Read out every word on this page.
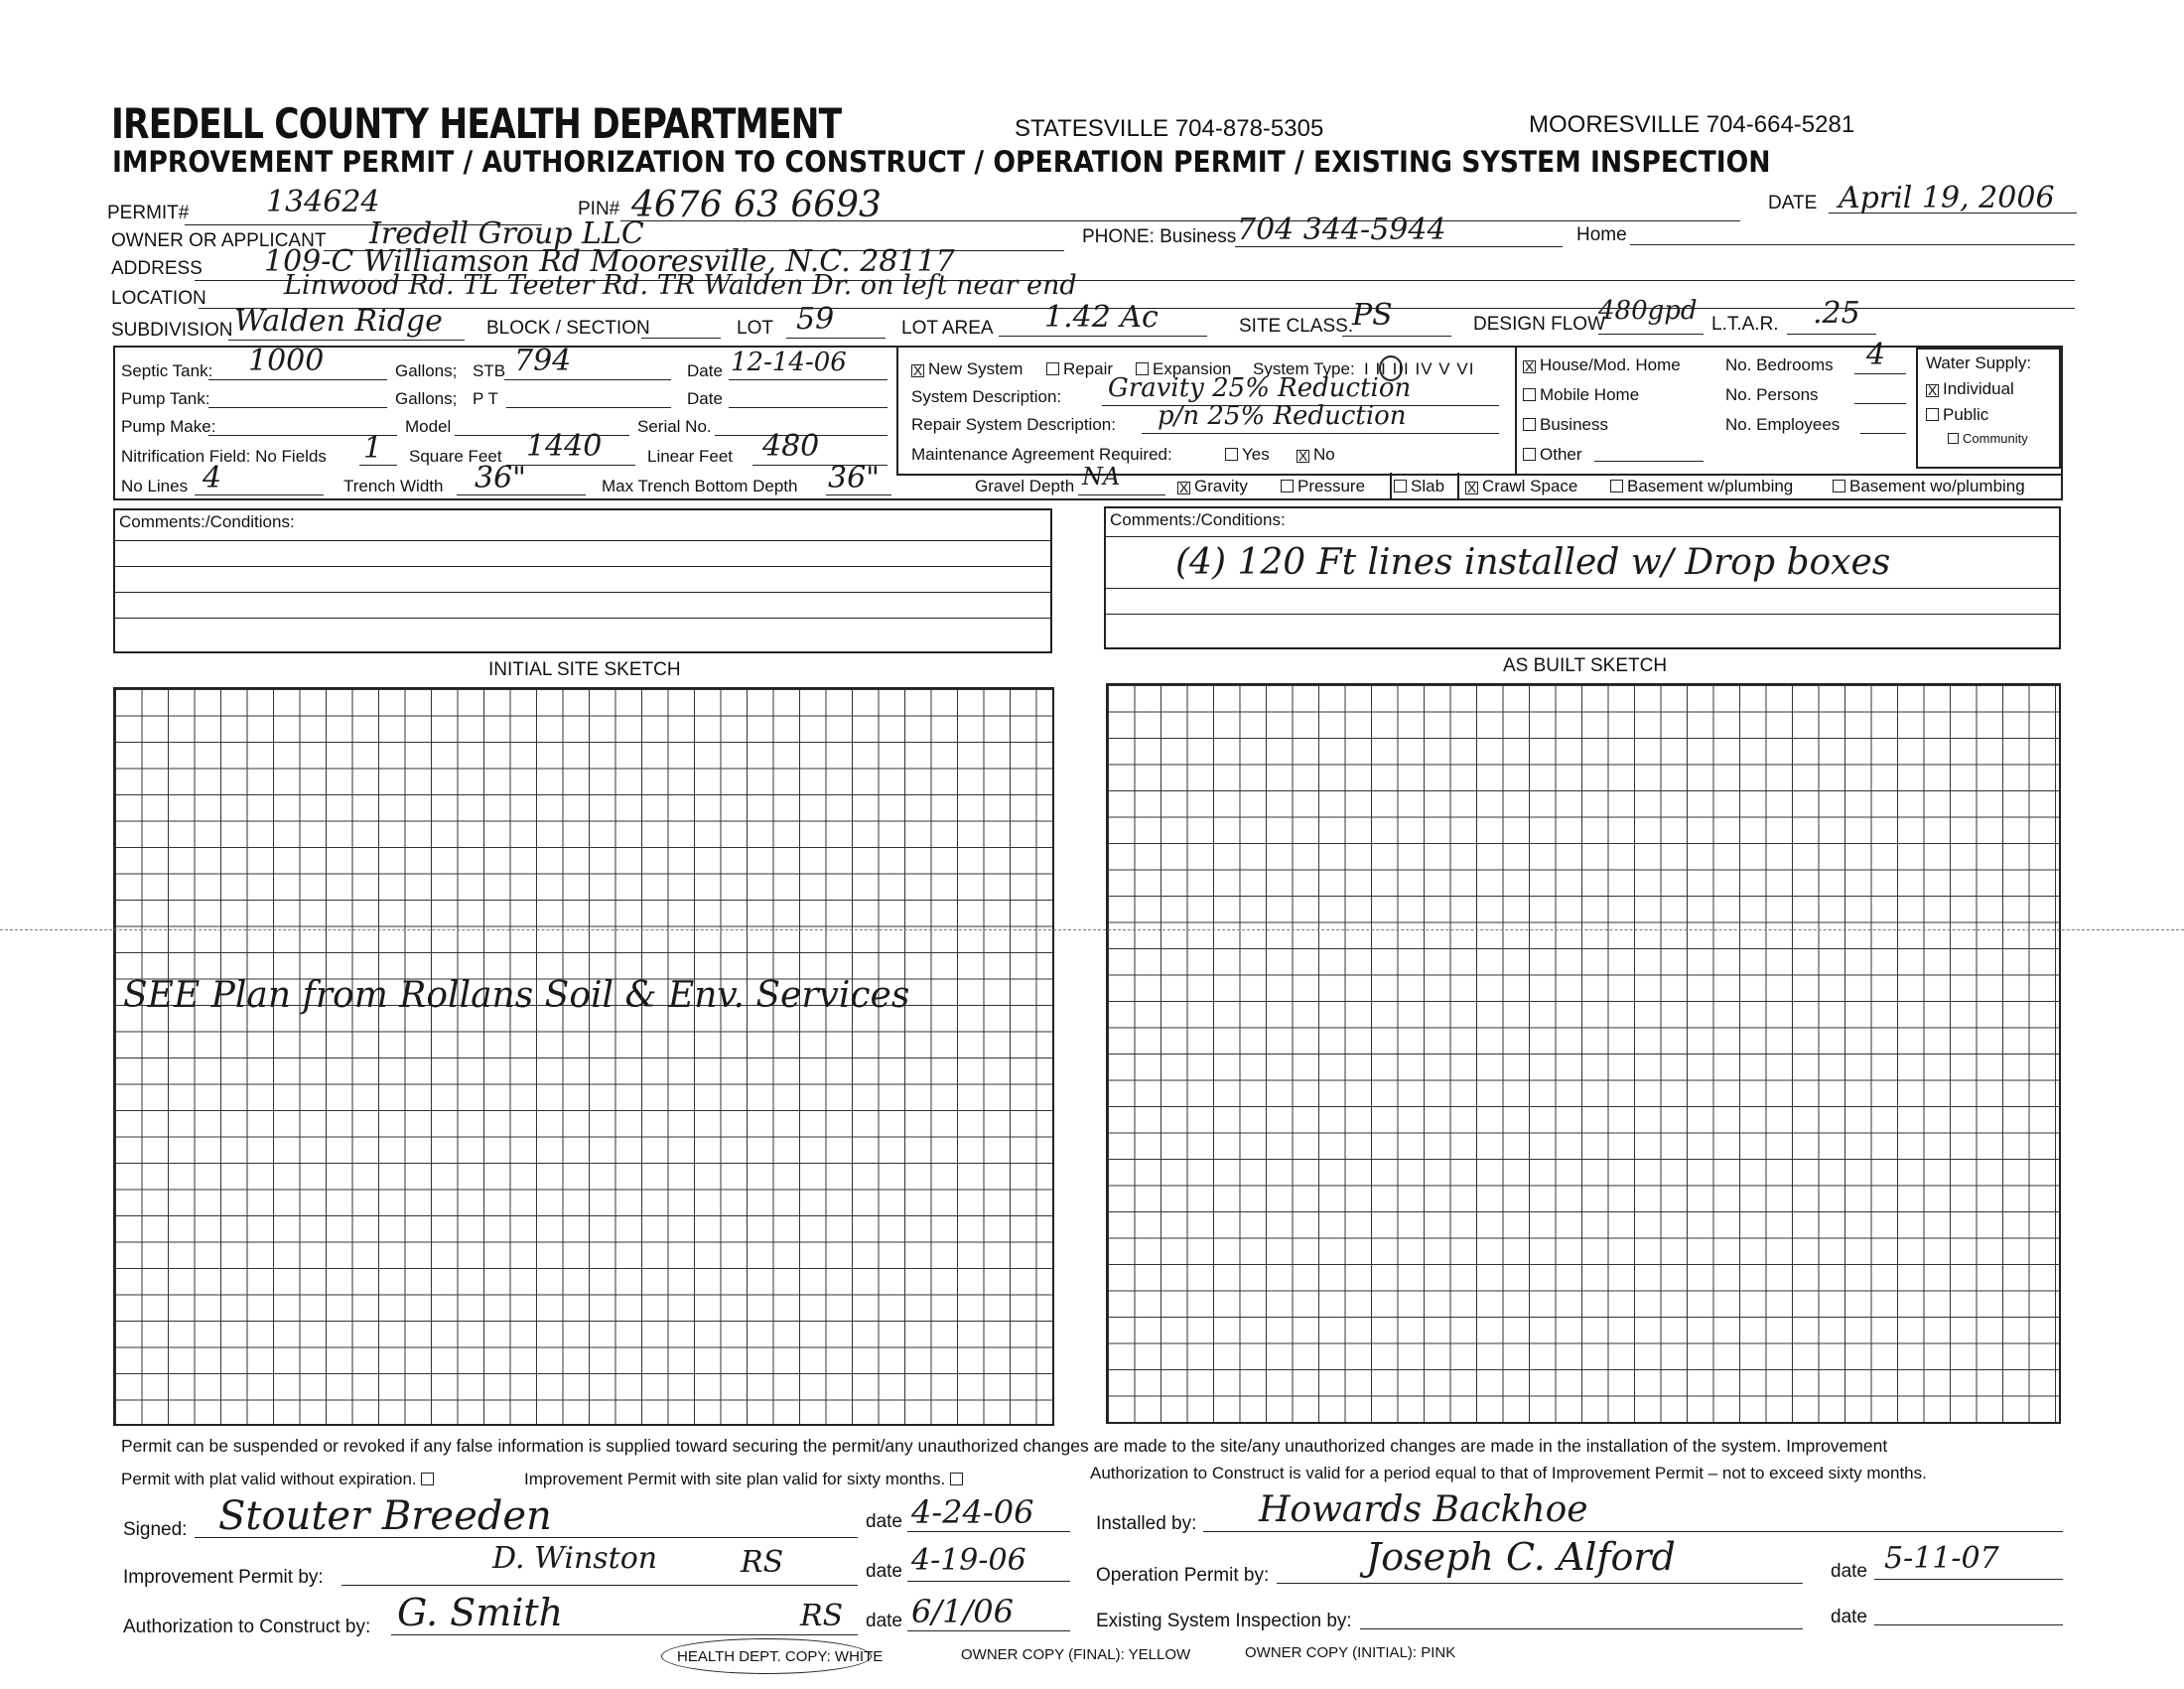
IREDELL COUNTY HEALTH DEPARTMENT	STATESVILLE 704-878-5305	MOORESVILLE 704-664-5281
IMPROVEMENT PERMIT / AUTHORIZATION TO CONSTRUCT / OPERATION PERMIT / EXISTING SYSTEM INSPECTION
PERMIT#	134624	PIN# 4676 63 6693	DATE April 19, 2006
OWNER OR APPLICANT Iredell Group LLC	PHONE: Business 704 344-5944	Home
ADDRESS 109-C Williamson Rd Mooresville, N.C. 28117
LOCATION	Linwood Rd. TL Teeter Rd. TR Walden Dr. on left near end
SUBDIVISION Walden Ridge BLOCK / SECTION	LOT 59	LOT AREA 1.42 Ac	SITE CLASS.
PS	DESIGN FLOW
480gpd L.T.A.R. .25
Septic Tank: 1000	Gallons; STB 794	Date 12-14-06
Pump Tank:	Gallons; P T	Date
Pump Make:	Model	Serial No.
Nitrification Field: No Fields 1 Square Feet 1440	Linear Feet 480
No Lines 4	Trench Width 36"	Max Trench Bottom Depth 36"
X New System	Repair	Expansion System Type: I II III IV V VI
System Description: Gravity 25% Reduction
Repair System Description: p/n 25% Reduction
Maintenance Agreement Required:	Yes X No
Gravel Depth NA	X Gravity	Pressure	Slab X Crawl Space	Basement w/plumbing	Basement wo/plumbing
X House/Mod. Home
Mobile Home
Business
Other
No. Bedrooms 4
No. Persons
No. Employees
Water Supply:
X Individual
Public
Community
Comments:/Conditions:	Comments:/Conditions:
(4) 120 Ft lines installed w/ Drop boxes
INITIAL SITE SKETCH
SEE Plan from Rollans Soil & Env. Services
AS BUILT SKETCH
Permit can be suspended or revoked if any false information is supplied toward securing the permit/any unauthorized changes are made to the site/any unauthorized changes are made in the installation of the system. Improvement
Permit with plat valid without expiration.	Improvement Permit with site plan valid for sixty months.	Authorization to Construct is valid for a period equal to that of Improvement Permit – not to exceed sixty months.
Signed: Stouter Breeden	date 4-24-06
Improvement Permit by:
D. Winston	RS	date 4-19-06
Authorization to Construct by: G. Smith	RS date 6/1/06
Installed by: Howards Backhoe
Operation Permit by:	Joseph C. Alford	date 5-11-07
Existing System Inspection by:	date
HEALTH DEPT. COPY: WHITE	OWNER COPY (FINAL): YELLOW	OWNER COPY (INITIAL): PINK
